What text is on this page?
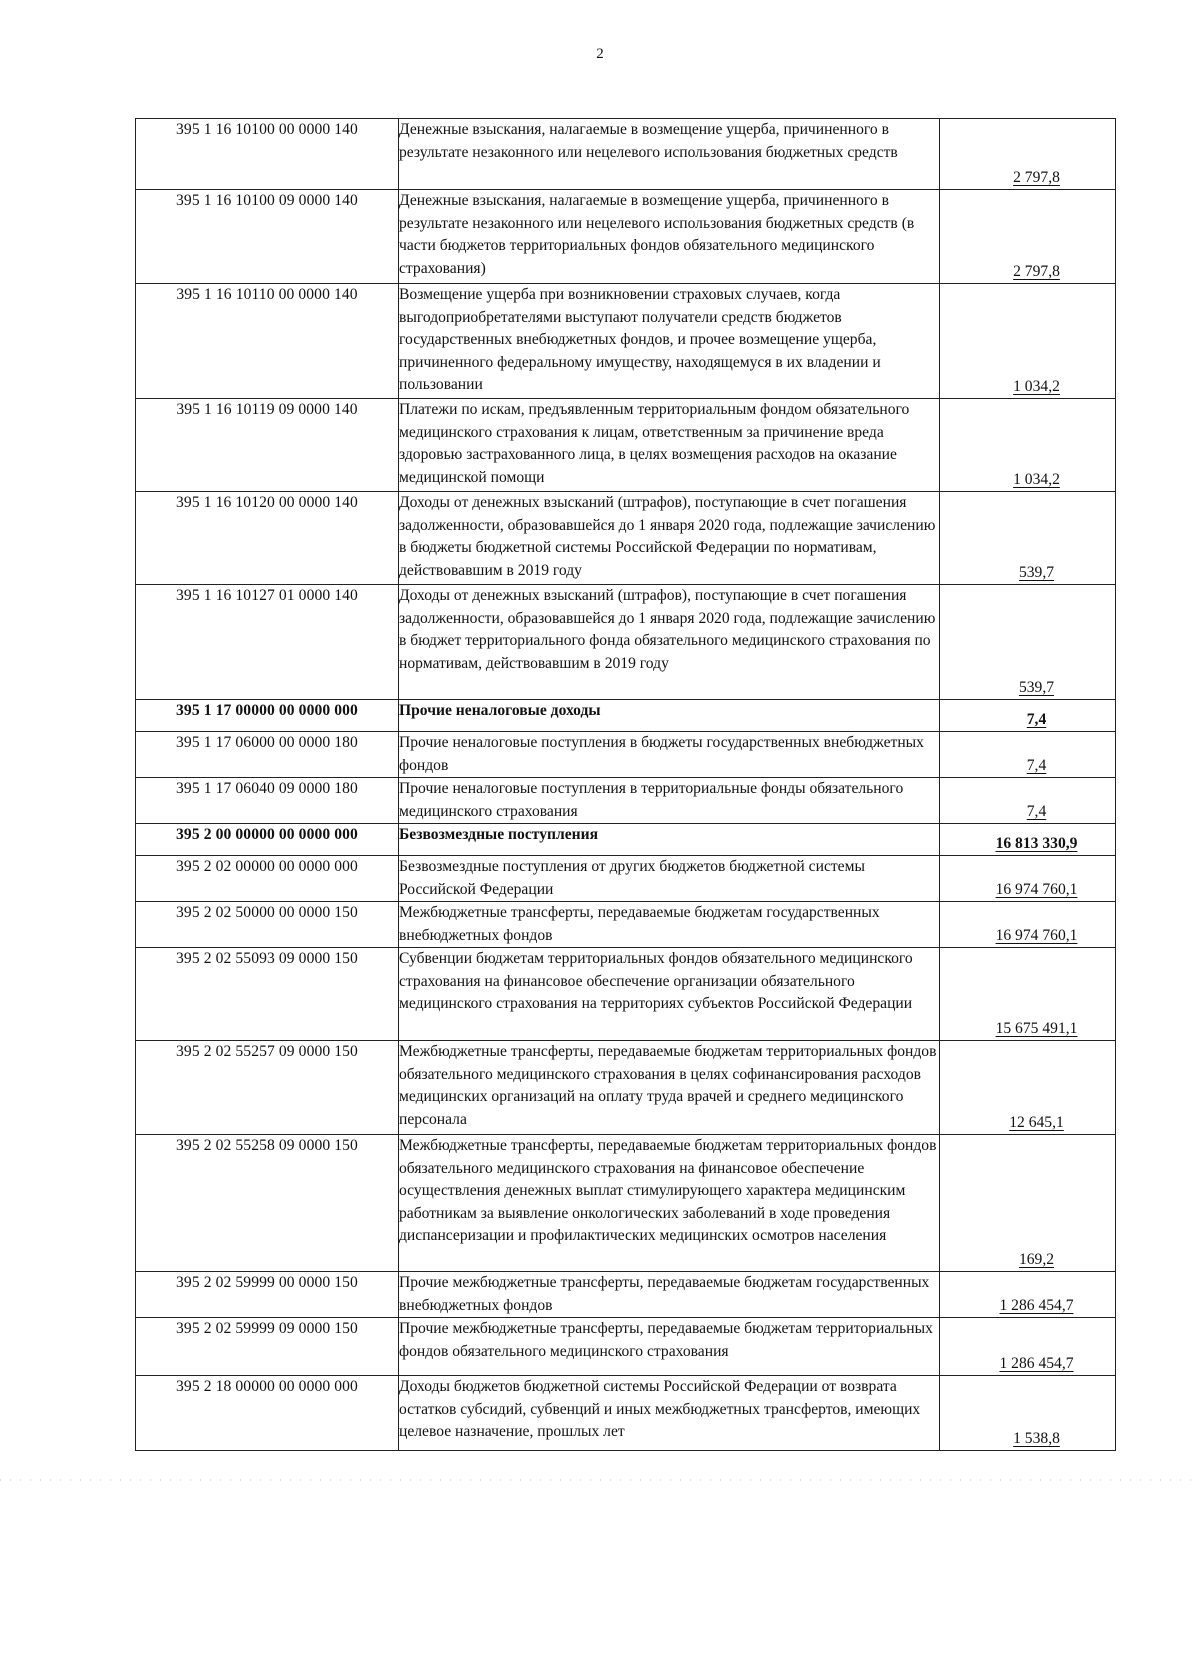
2
395 1 16 10100 00 0000 140	Денежные взыскания, налагаемые в возмещение ущерба, причиненного в результате незаконного или нецелевого использования бюджетных средств	2 797,8
395 1 16 10100 09 0000 140	Денежные взыскания, налагаемые в возмещение ущерба, причиненного в результате незаконного или нецелевого использования бюджетных средств (в части бюджетов территориальных фондов обязательного медицинского страхования)	2 797,8
395 1 16 10110 00 0000 140	Возмещение ущерба при возникновении страховых случаев, когда выгодоприобретателями выступают получатели средств бюджетов государственных внебюджетных фондов, и прочее возмещение ущерба, причиненного федеральному имуществу, находящемуся в их владении и пользовании	1 034,2
395 1 16 10119 09 0000 140	Платежи по искам, предъявленным территориальным фондом обязательного медицинского страхования к лицам, ответственным за причинение вреда здоровью застрахованного лица, в целях возмещения расходов на оказание медицинской помощи	1 034,2
395 1 16 10120 00 0000 140	Доходы от денежных взысканий (штрафов), поступающие в счет погашения задолженности, образовавшейся до 1 января 2020 года, подлежащие зачислению в бюджеты бюджетной системы Российской Федерации по нормативам, действовавшим в 2019 году	539,7
395 1 16 10127 01 0000 140	Доходы от денежных взысканий (штрафов), поступающие в счет погашения задолженности, образовавшейся до 1 января 2020 года, подлежащие зачислению в бюджет территориального фонда обязательного медицинского страхования по нормативам, действовавшим в 2019 году	539,7
395 1 17 00000 00 0000 000	Прочие неналоговые доходы	7,4
395 1 17 06000 00 0000 180	Прочие неналоговые поступления в бюджеты государственных внебюджетных фондов	7,4
395 1 17 06040 09 0000 180	Прочие неналоговые поступления в территориальные фонды обязательного медицинского страхования	7,4
395 2 00 00000 00 0000 000	Безвозмездные поступления	16 813 330,9
395 2 02 00000 00 0000 000	Безвозмездные поступления от других бюджетов бюджетной системы Российской Федерации	16 974 760,1
395 2 02 50000 00 0000 150	Межбюджетные трансферты, передаваемые бюджетам государственных внебюджетных фондов	16 974 760,1
395 2 02 55093 09 0000 150	Субвенции бюджетам территориальных фондов обязательного медицинского страхования на финансовое обеспечение организации обязательного медицинского страхования на территориях субъектов Российской Федерации	15 675 491,1
395 2 02 55257 09 0000 150	Межбюджетные трансферты, передаваемые бюджетам территориальных фондов обязательного медицинского страхования в целях софинансирования расходов медицинских организаций на оплату труда врачей и среднего медицинского персонала	12 645,1
395 2 02 55258 09 0000 150	Межбюджетные трансферты, передаваемые бюджетам территориальных фондов обязательного медицинского страхования на финансовое обеспечение осуществления денежных выплат стимулирующего характера медицинским работникам за выявление онкологических заболеваний в ходе проведения диспансеризации и профилактических медицинских осмотров населения	169,2
395 2 02 59999 00 0000 150	Прочие межбюджетные трансферты, передаваемые бюджетам государственных внебюджетных фондов	1 286 454,7
395 2 02 59999 09 0000 150	Прочие межбюджетные трансферты, передаваемые бюджетам территориальных фондов обязательного медицинского страхования	1 286 454,7
395 2 18 00000 00 0000 000	Доходы бюджетов бюджетной системы Российской Федерации от возврата остатков субсидий, субвенций и иных межбюджетных трансфертов, имеющих целевое назначение, прошлых лет	1 538,8
